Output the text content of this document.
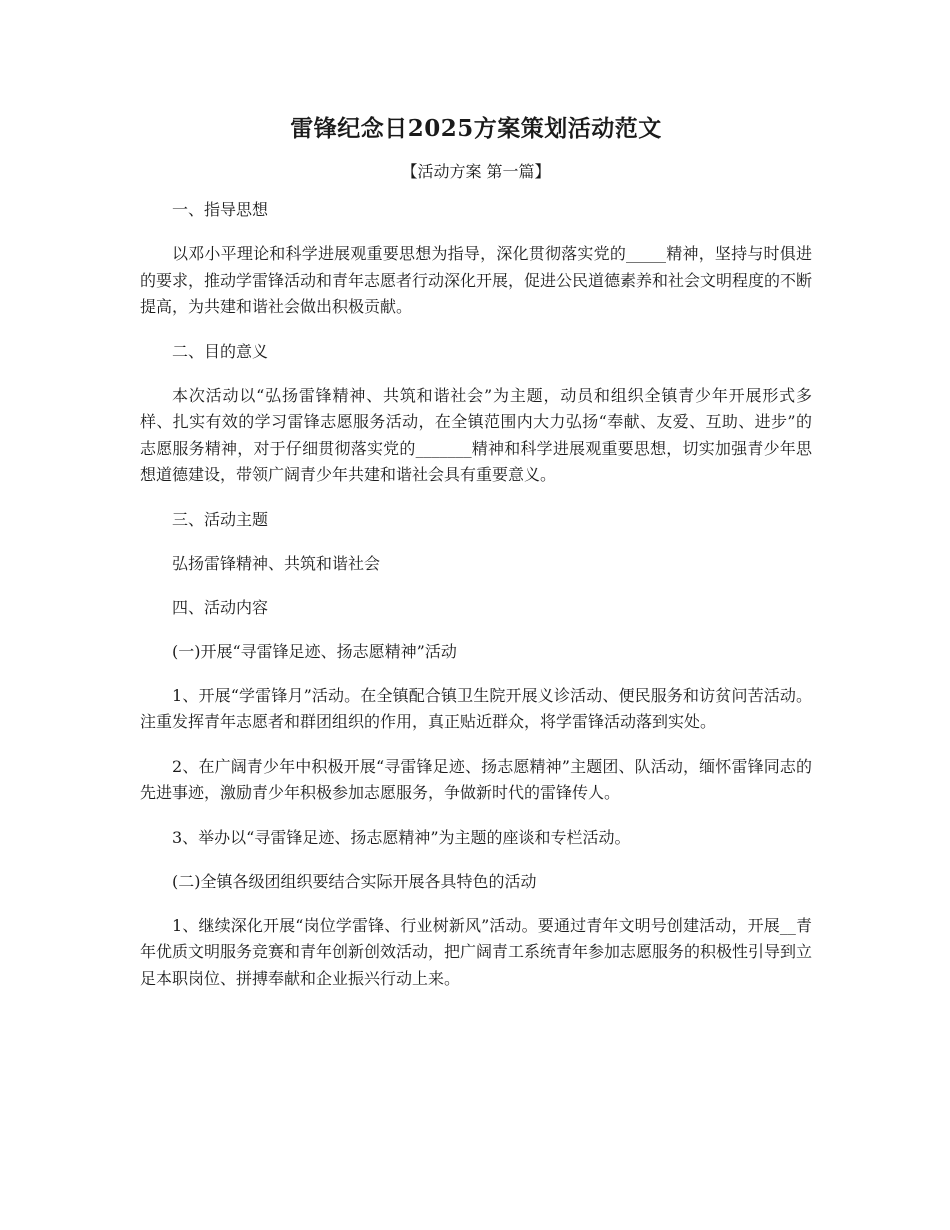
雷锋纪念日2025方案策划活动范文
【活动方案 第一篇】

一、指导思想

以邓小平理论和科学进展观重要思想为指导，深化贯彻落实党的_____精神，坚持与时俱进的要求，推动学雷锋活动和青年志愿者行动深化开展，促进公民道德素养和社会文明程度的不断提高，为共建和谐社会做出积极贡献。

二、目的意义

本次活动以“弘扬雷锋精神、共筑和谐社会”为主题，动员和组织全镇青少年开展形式多样、扎实有效的学习雷锋志愿服务活动，在全镇范围内大力弘扬“奉献、友爱、互助、进步”的志愿服务精神，对于仔细贯彻落实党的_______精神和科学进展观重要思想，切实加强青少年思想道德建设，带领广阔青少年共建和谐社会具有重要意义。

三、活动主题

弘扬雷锋精神、共筑和谐社会

四、活动内容

(一)开展“寻雷锋足迹、扬志愿精神”活动

1、开展“学雷锋月”活动。在全镇配合镇卫生院开展义诊活动、便民服务和访贫问苦活动。注重发挥青年志愿者和群团组织的作用，真正贴近群众，将学雷锋活动落到实处。

2、在广阔青少年中积极开展“寻雷锋足迹、扬志愿精神”主题团、队活动，缅怀雷锋同志的先进事迹，激励青少年积极参加志愿服务，争做新时代的雷锋传人。

3、举办以“寻雷锋足迹、扬志愿精神”为主题的座谈和专栏活动。

(二)全镇各级团组织要结合实际开展各具特色的活动

1、继续深化开展“岗位学雷锋、行业树新风”活动。要通过青年文明号创建活动，开展__青年优质文明服务竞赛和青年创新创效活动，把广阔青工系统青年参加志愿服务的积极性引导到立足本职岗位、拼搏奉献和企业振兴行动上来。
